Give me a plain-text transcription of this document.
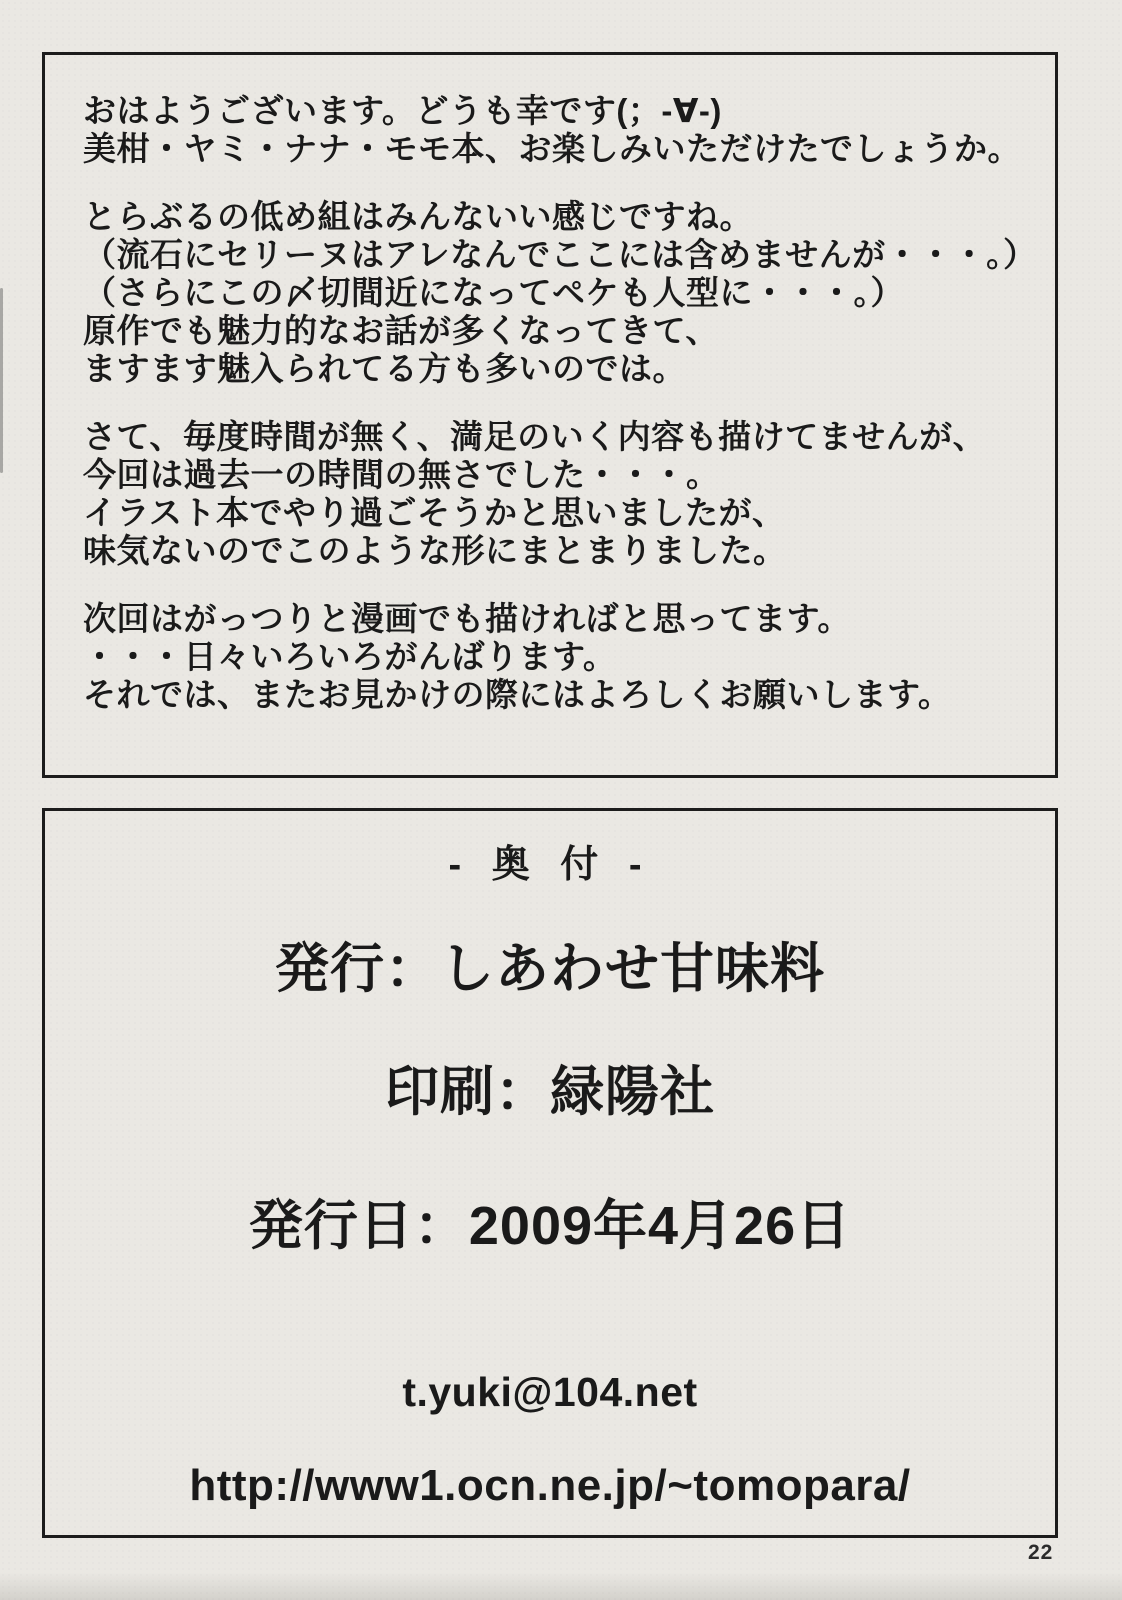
おはようございます。どうも幸です(；-∀-)
美柑・ヤミ・ナナ・モモ本、お楽しみいただけたでしょうか。
とらぶるの低め組はみんないい感じですね。
（流石にセリーヌはアレなんでここには含めませんが・・・。）
（さらにこの〆切間近になってペケも人型に・・・。）
原作でも魅力的なお話が多くなってきて、
ますます魅入られてる方も多いのでは。
さて、毎度時間が無く、満足のいく内容も描けてませんが、
今回は過去一の時間の無さでした・・・。
イラスト本でやり過ごそうかと思いましたが、
味気ないのでこのような形にまとまりました。
次回はがっつりと漫画でも描ければと思ってます。
・・・日々いろいろがんばります。
それでは、またお見かけの際にはよろしくお願いします。
- 奥 付 -
発行：しあわせ甘味料
印刷：緑陽社
発行日：2009年4月26日
t.yuki@104.net
http://www1.ocn.ne.jp/~tomopara/
22
